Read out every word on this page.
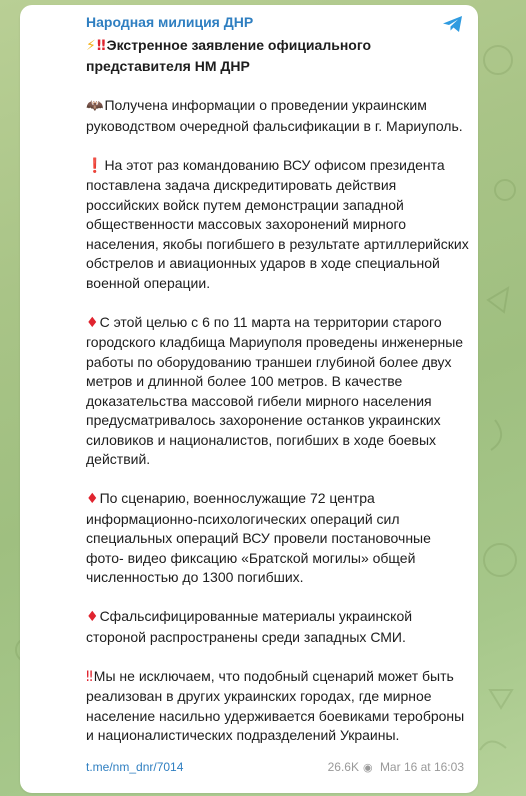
Народная милиция ДНР
⚡‼Экстренное заявление официального представителя НМ ДНР
🦇Получена информации о проведении украинским руководством очередной фальсификации в г. Мариуполь.
❗На этот раз командованию ВСУ офисом президента поставлена задача дискредитировать действия российских войск путем демонстрации западной общественности массовых захоронений мирного населения, якобы погибшего в результате артиллерийских обстрелов и авиационных ударов в ходе специальной военной операции.
♦С этой целью с 6 по 11 марта на территории старого городского кладбища Мариуполя проведены инженерные работы по оборудованию траншеи глубиной более двух метров и длинной более 100 метров. В качестве доказательства массовой гибели мирного населения предусматривалось захоронение останков украинских силовиков и националистов, погибших в ходе боевых действий.
♦По сценарию, военнослужащие 72 центра информационно-психологических операций сил специальных операций ВСУ провели постановочные фото- видео фиксацию «Братской могилы» общей численностью до 1300 погибших.
♦Сфальсифицированные материалы украинской стороной распространены среди западных СМИ.
‼Мы не исключаем, что подобный сценарий может быть реализован в других украинских городах, где мирное население насильно удерживается боевиками тероброны и националистических подразделений Украины.
t.me/nm_dnr/7014	26.6K ◉ Mar 16 at 16:03
